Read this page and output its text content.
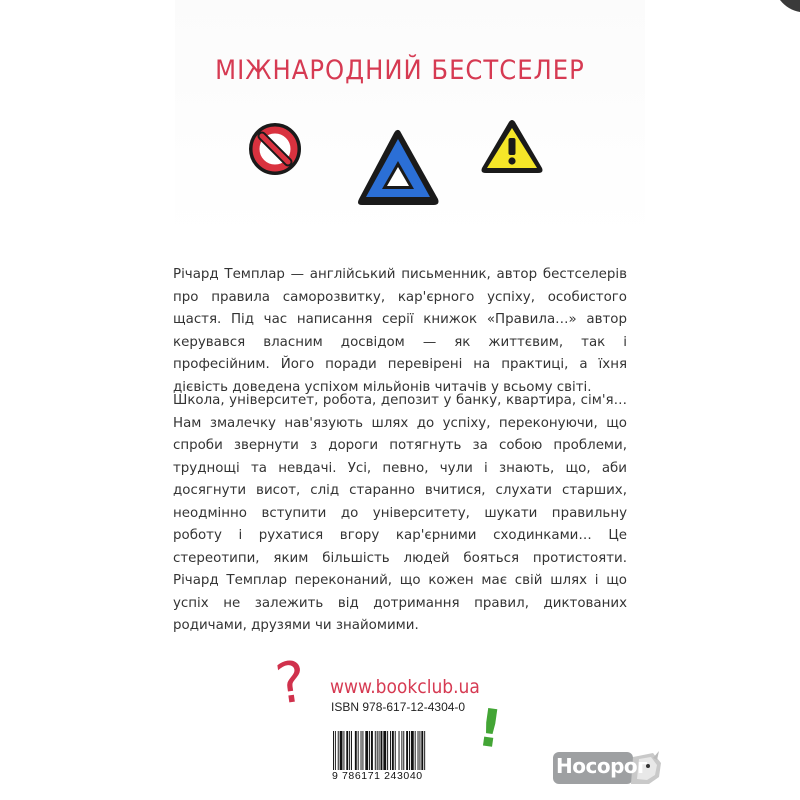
МІЖНАРОДНИЙ БЕСТСЕЛЕР
Річард Темплар — англійський письменник, автор бестселерів про правила саморозвитку, кар'єрного успіху, особистого щастя. Під час написання серії книжок «Правила…» автор керувався власним досвідом — як життєвим, так і професійним. Його поради перевірені на практиці, а їхня дієвість доведена успіхом мільйонів читачів у всьому світі.
Школа, університет, робота, депозит у банку, квартира, сім'я… Нам змалечку нав'язують шлях до успіху, переконуючи, що спроби звернути з дороги потягнуть за собою проблеми, труднощі та невдачі. Усі, певно, чули і знають, що, аби досягнути висот, слід старанно вчитися, слухати старших, неодмінно вступити до університету, шукати правильну роботу і рухатися вгору кар'єрними сходинками… Це стереотипи, яким більшість людей бояться протистояти. Річард Темплар переконаний, що кожен має свій шлях і що успіх не залежить від дотримання правил, диктованих родичами, друзями чи знайомими.
? www.bookclub.ua
ISBN 978-617-12-4304-0 !
9 786171 243040	Носорог
